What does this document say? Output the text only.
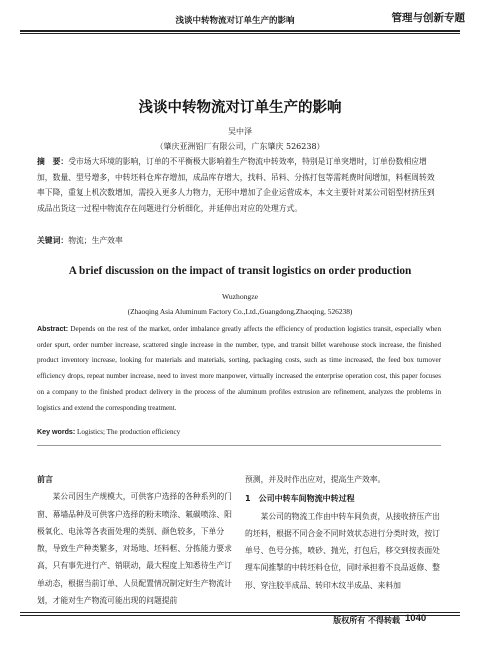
浅谈中转物流对订单生产的影响	管理与创新专题
浅谈中转物流对订单生产的影响
吴中泽
（肇庆亚洲铝厂有限公司，广东肇庆 526238）
摘　要：受市场大环境的影响，订单的不平衡极大影响着生产物流中转效率，特别是订单突增时，订单份数相应增加，数量、型号增多，中转坯料仓库存增加，成品库存增大，找料、吊料、分拣打包等需耗费时间增加，料框周转效率下降，重复上机次数增加，需投入更多人力物力，无形中增加了企业运营成本，本文主要针对某公司铝型材挤压到成品出货这一过程中物流存在问题进行分析细化，并延伸出对应的处理方式。
关键词：物流；生产效率
A brief discussion on the impact of transit logistics on order production
Wuzhongze
(Zhaoqing Asia Aluminum Factory Co.,Ltd.,Guangdong,Zhaoqing, 526238)
Abstract: Depends on the rest of the market, order imbalance greatly affects the efficiency of production logistics transit, especially when order spurt, order number increase, scattered single increase in the number, type, and transit billet warehouse stock increase, the finished product inventory increase, looking for materials and materials, sorting, packaging costs, such as time increased, the feed box turnover efficiency drops, repeat number increase, need to invest more manpower, virtually increased the enterprise operation cost, this paper focuses on a company to the finished product delivery in the process of the aluminum profiles extrusion are refinement, analyzes the problems in logistics and extend the corresponding treatment.
Key words: Logistics; The production efficiency
前言
某公司因生产规模大，可供客户选择的各种系列的门窗、幕墙品种及可供客户选择的粉末喷涂、氟碳喷涂、阳极氧化、电泳等各表面处理的类别、颜色较多，下单分散，导致生产种类繁多，对场地、坯料框、分拣能力要求高，只有事先进行产、销联动，最大程度上知悉待生产订单动态，根据当前订单、人员配置情况制定好生产物流计划，才能对生产物流可能出现的问题提前
预测，并及时作出应对，提高生产效率。
1　公司中转车间物流中转过程
某公司的物流工作由中转车间负责，从接收挤压产出的坯料，根据不同合金不同时效状态进行分类时效，按订单号、色号分拣，喷砂、抛光，打包后，移交到按表面处理车间推掣的中转坯料仓位，同时承担着不良品返修、整形、穿注胶半成品、转印木纹半成品、来料加
版权所有 不得转载 1040
